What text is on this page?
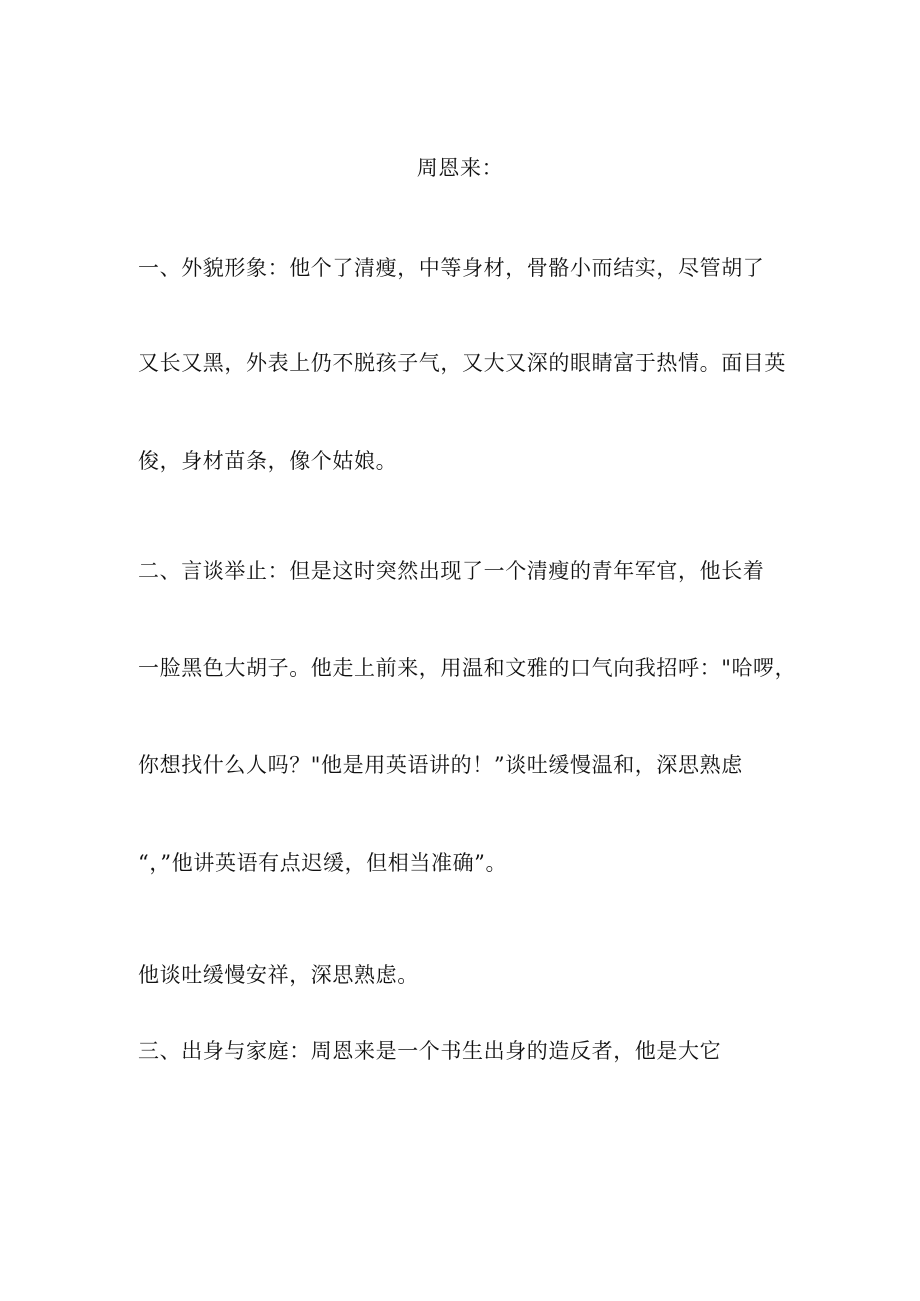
周恩来：
一、外貌形象：他个了清瘦，中等身材，骨骼小而结实，尽管胡了
又长又黑，外表上仍不脱孩子气，又大又深的眼睛富于热情。面目英
俊，身材苗条，像个姑娘。
二、言谈举止：但是这时突然出现了一个清瘦的青年军官，他长着
一脸黑色大胡子。他走上前来，用温和文雅的口气向我招呼："哈啰，
你想找什么人吗？"他是用英语讲的！”谈吐缓慢温和，深思熟虑
“，”他讲英语有点迟缓，但相当准确”。
他谈吐缓慢安祥，深思熟虑。
三、出身与家庭：周恩来是一个书生出身的造反者，他是大它
